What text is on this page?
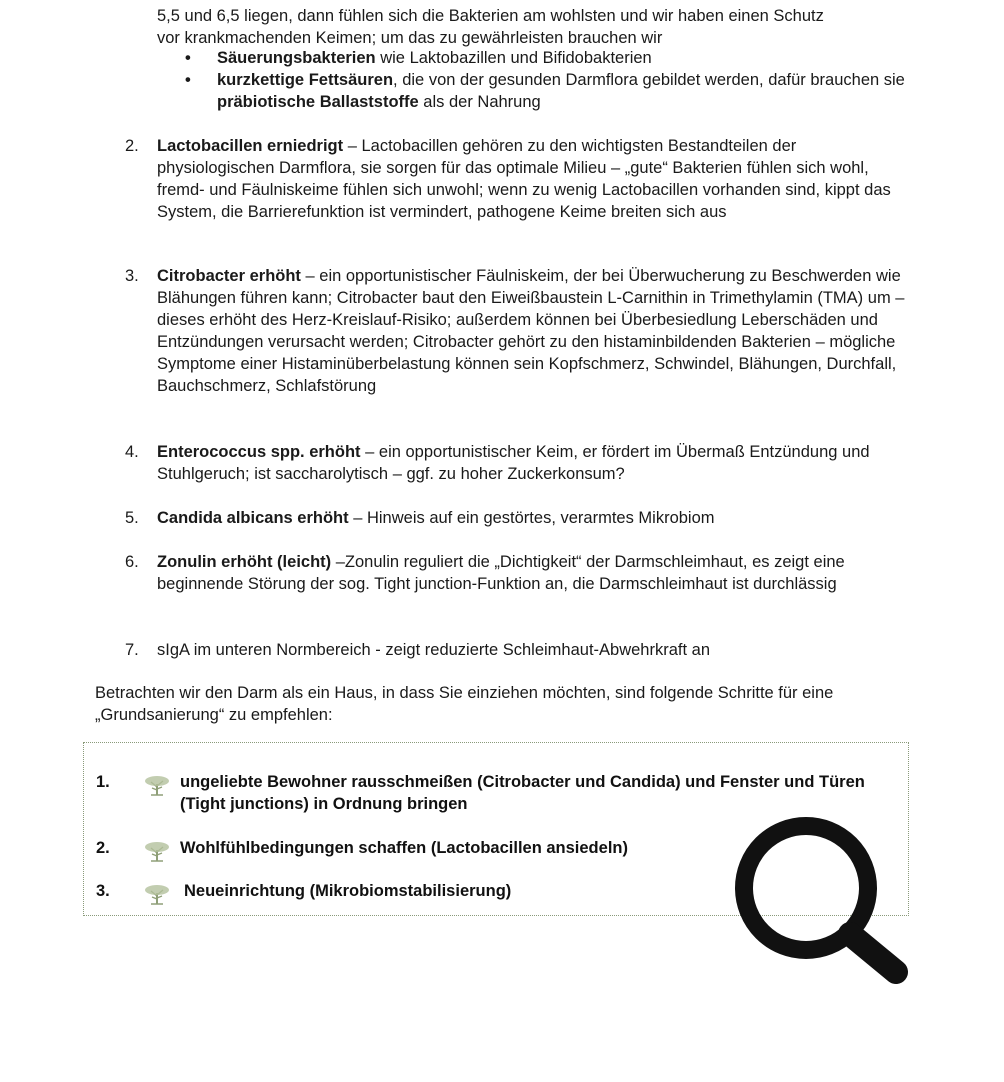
5,5 und 6,5 liegen, dann fühlen sich die Bakterien am wohlsten und wir haben einen Schutz
vor krankmachenden Keimen; um das zu gewährleisten brauchen wir
• Säuerungsbakterien wie Laktobazillen und Bifidobakterien
• kurzkettige Fettsäuren, die von der gesunden Darmflora gebildet werden, dafür brauchen sie präbiotische Ballaststoffe als der Nahrung
2.	Lactobacillen erniedrigt – Lactobacillen gehören zu den wichtigsten Bestandteilen der physiologischen Darmflora, sie sorgen für das optimale Milieu – „gute“ Bakterien fühlen sich wohl, fremd- und Fäulniskeime fühlen sich unwohl; wenn zu wenig Lactobacillen vorhanden sind, kippt das System, die Barrierefunktion ist vermindert, pathogene Keime breiten sich aus
3.	Citrobacter erhöht – ein opportunistischer Fäulniskeim, der bei Überwucherung zu Beschwerden wie Blähungen führen kann; Citrobacter baut den Eiweißbaustein L-Carnithin in Trimethylamin (TMA) um – dieses erhöht des Herz-Kreislauf-Risiko; außerdem können bei Überbesiedlung Leberschäden und Entzündungen verursacht werden; Citrobacter gehört zu den histaminbildenden Bakterien – mögliche Symptome einer Histaminüberbelastung können sein Kopfschmerz, Schwindel, Blähungen, Durchfall, Bauchschmerz, Schlafstörung
4.	Enterococcus spp. erhöht – ein opportunistischer Keim, er fördert im Übermaß Entzündung und Stuhlgeruch; ist saccharolytisch – ggf. zu hoher Zuckerkonsum?
5.	Candida albicans erhöht – Hinweis auf ein gestörtes, verarmtes Mikrobiom
6.	Zonulin erhöht (leicht) –Zonulin reguliert die „Dichtigkeit“ der Darmschleimhaut, es zeigt eine beginnende Störung der sog. Tight junction-Funktion an, die Darmschleimhaut ist durchlässig
7.	sIgA im unteren Normbereich - zeigt reduzierte Schleimhaut-Abwehrkraft an
Betrachten wir den Darm als ein Haus, in dass Sie einziehen möchten, sind folgende Schritte für eine „Grundsanierung“ zu empfehlen:
1.	ungeliebte Bewohner rausschmeißen (Citrobacter und Candida) und Fenster und Türen (Tight junctions) in Ordnung bringen
2.	Wohlfühlbedingungen schaffen (Lactobacillen ansiedeln)
3.	Neueinrichtung (Mikrobiomstabilisierung)
